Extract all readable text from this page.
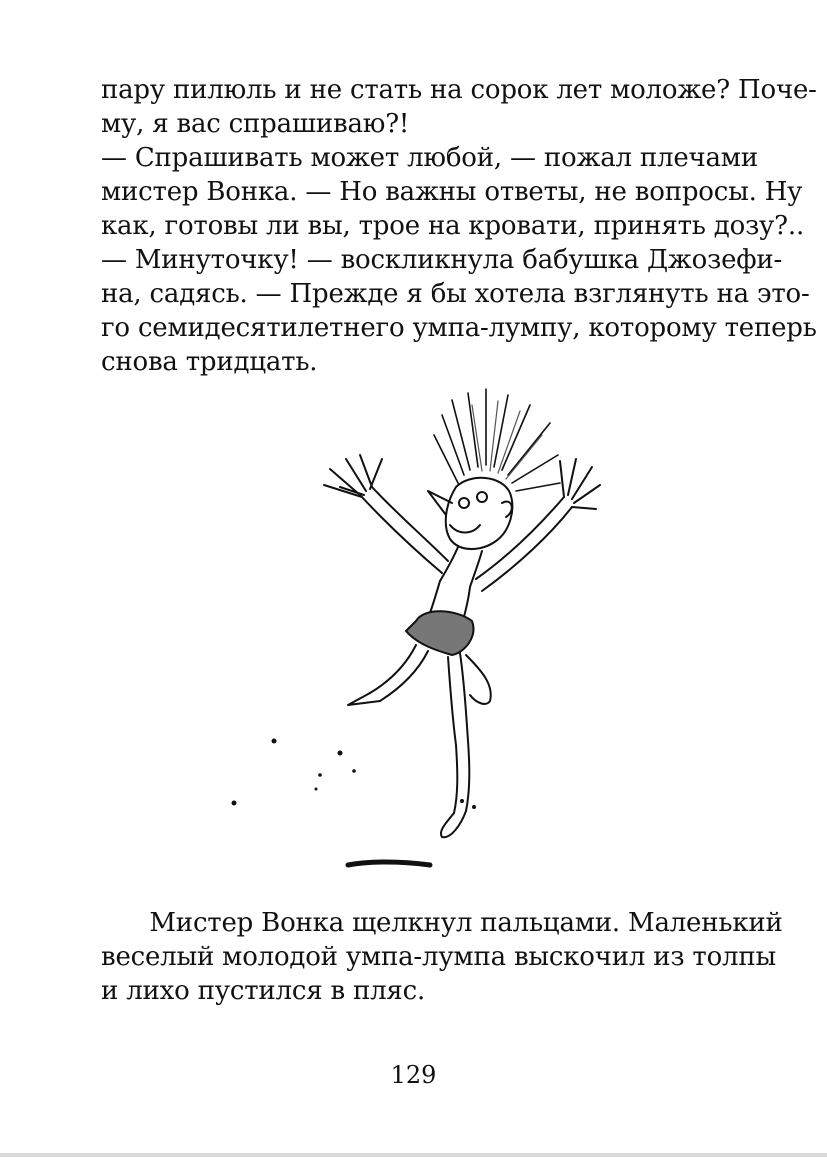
пару пилюль и не стать на сорок лет моложе? Поче-
му, я вас спрашиваю?!
— Спрашивать может любой, — пожал плечами
мистер Вонка. — Но важны ответы, не вопросы. Ну
как, готовы ли вы, трое на кровати, принять дозу?..
— Минуточку! — воскликнула бабушка Джозефи-
на, садясь. — Прежде я бы хотела взглянуть на это-
го семидесятилетнего умпа-лумпу, которому теперь
снова тридцать.
Мистер Вонка щелкнул пальцами. Маленький
веселый молодой умпа-лумпа выскочил из толпы
и лихо пустился в пляс.
129
